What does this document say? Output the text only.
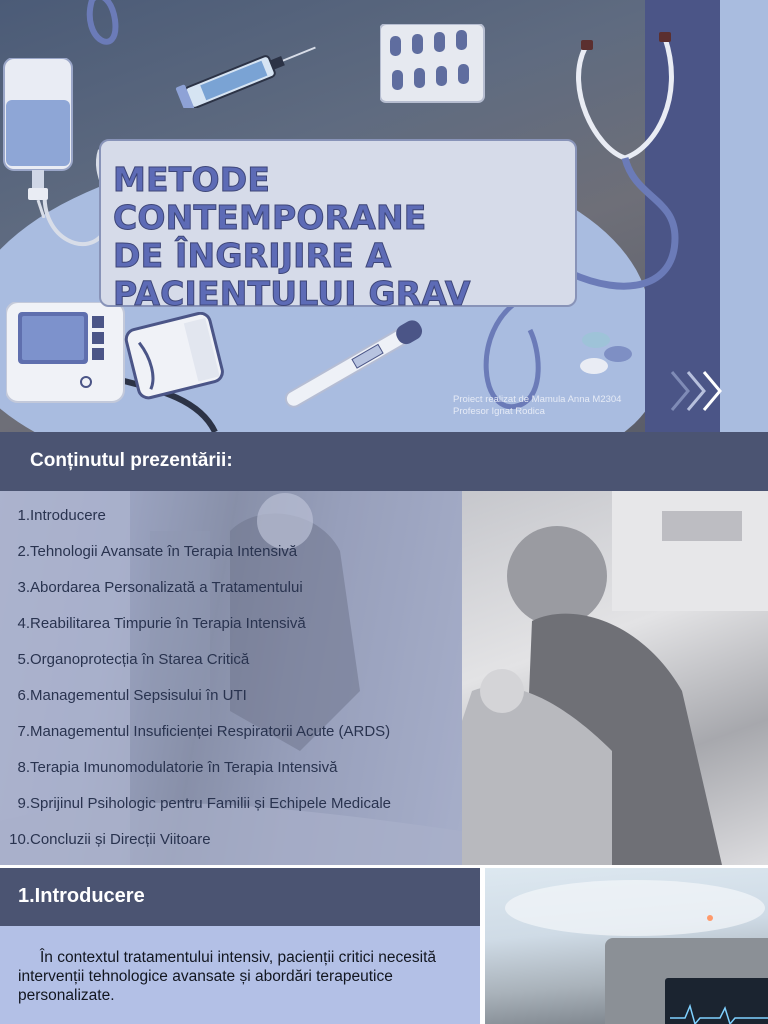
METODE CONTEMPORANE
DE ÎNGRIJIRE A
PACIENTULUI GRAV
Proiect realizat de Mamula Anna M2304
Profesor Ignat Rodica
Conținutul prezentării:
1.Introducere
2.Tehnologii Avansate în Terapia Intensivă
3.Abordarea Personalizată a Tratamentului
4.Reabilitarea Timpurie în Terapia Intensivă
5.Organoprotecția în Starea Critică
6.Managementul Sepsisului în UTI
7.Managementul Insuficienței Respiratorii Acute (ARDS)
8.Terapia Imunomodulatorie în Terapia Intensivă
9.Sprijinul Psihologic pentru Familii și Echipele Medicale
10.Concluzii și Direcții Viitoare
1.Introducere

În contextul tratamentului intensiv, pacienții critici necesită intervenții tehnologice avansate și abordări terapeutice personalizate.
